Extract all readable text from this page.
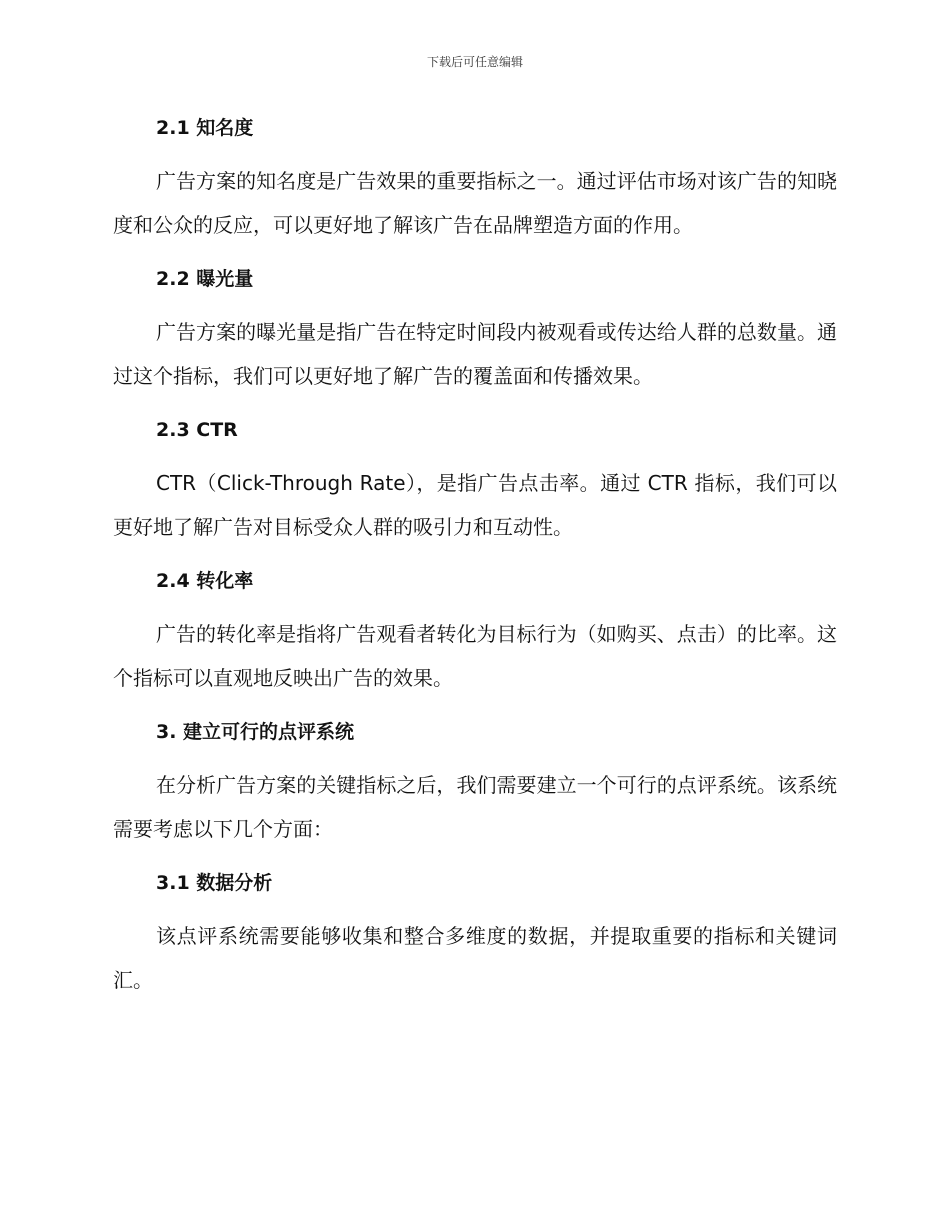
下载后可任意编辑
2.1 知名度

广告方案的知名度是广告效果的重要指标之一。通过评估市场对该广告的知晓度和公众的反应，可以更好地了解该广告在品牌塑造方面的作用。

2.2 曝光量

广告方案的曝光量是指广告在特定时间段内被观看或传达给人群的总数量。通过这个指标，我们可以更好地了解广告的覆盖面和传播效果。

2.3 CTR

CTR（Click-Through Rate），是指广告点击率。通过 CTR 指标，我们可以更好地了解广告对目标受众人群的吸引力和互动性。

2.4 转化率

广告的转化率是指将广告观看者转化为目标行为（如购买、点击）的比率。这个指标可以直观地反映出广告的效果。

3. 建立可行的点评系统

在分析广告方案的关键指标之后，我们需要建立一个可行的点评系统。该系统需要考虑以下几个方面：

3.1 数据分析

该点评系统需要能够收集和整合多维度的数据，并提取重要的指标和关键词汇。
